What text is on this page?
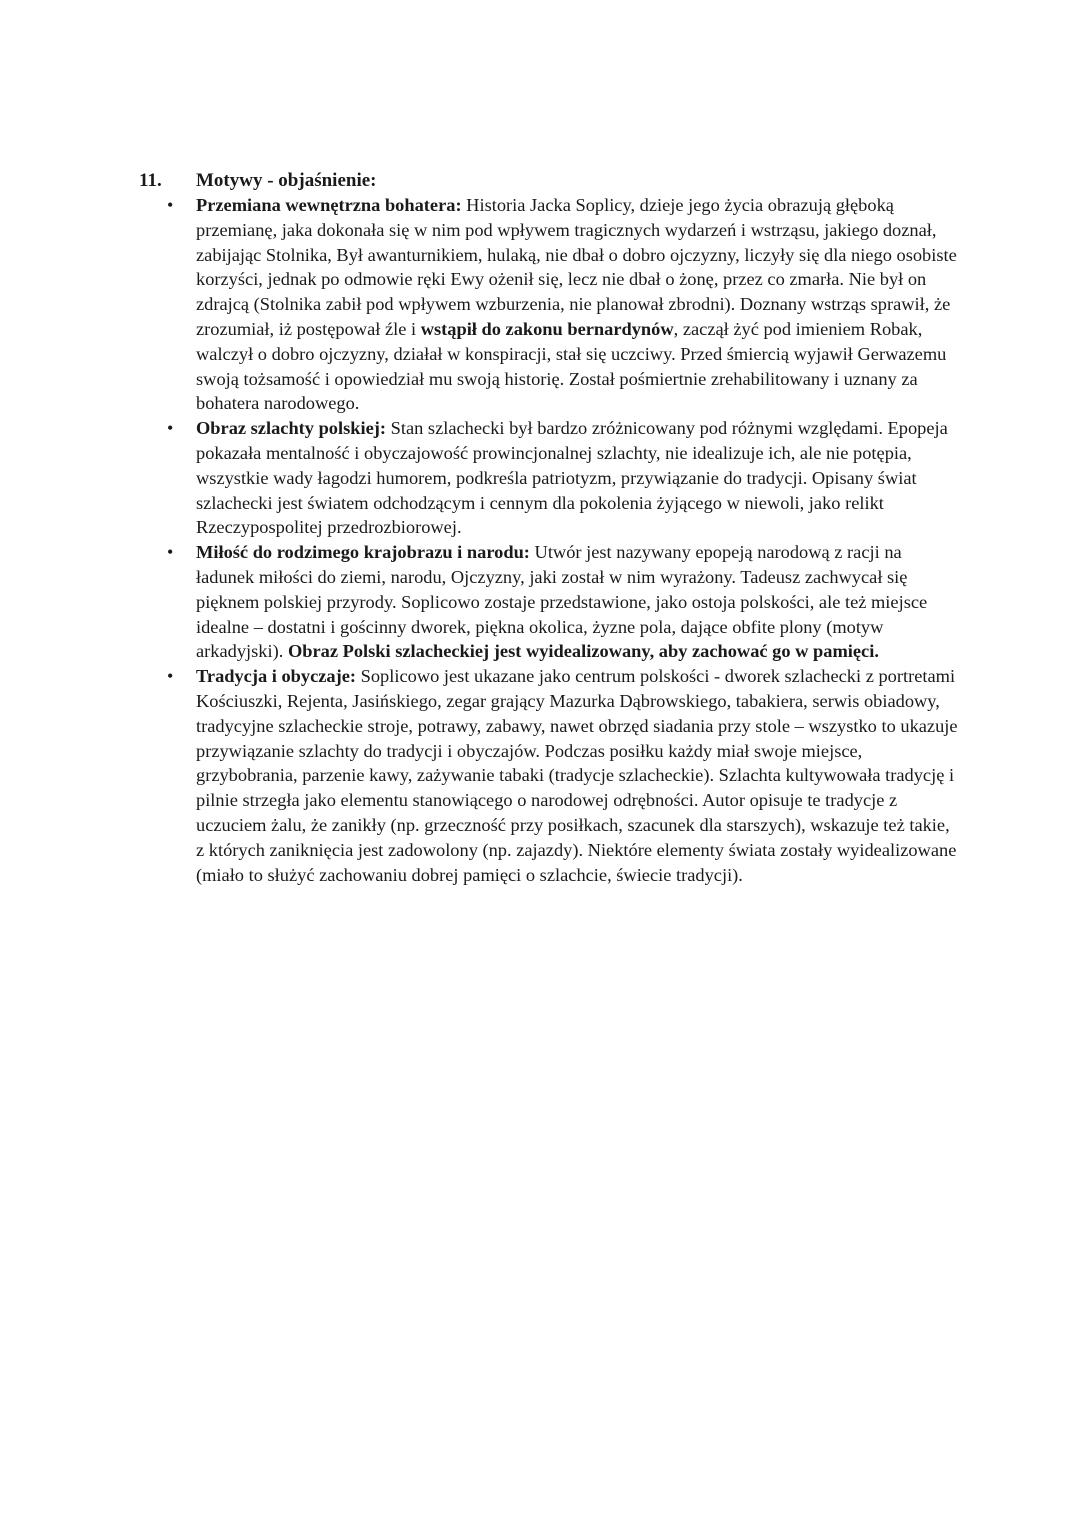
11. Motywy - objaśnienie:
• Przemiana wewnętrzna bohatera: Historia Jacka Soplicy, dzieje jego życia obrazują głęboką przemianę, jaka dokonała się w nim pod wpływem tragicznych wydarzeń i wstrząsu, jakiego doznał, zabijając Stolnika, Był awanturnikiem, hulaką, nie dbał o dobro ojczyzny, liczyły się dla niego osobiste korzyści, jednak po odmowie ręki Ewy ożenił się, lecz nie dbał o żonę, przez co zmarła. Nie był on zdrajcą (Stolnika zabił pod wpływem wzburzenia, nie planował zbrodni). Doznany wstrząs sprawił, że zrozumiał, iż postępował źle i wstąpił do zakonu bernardynów, zaczął żyć pod imieniem Robak, walczył o dobro ojczyzny, działał w konspiracji, stał się uczciwy. Przed śmiercią wyjawił Gerwazemu swoją tożsamość i opowiedział mu swoją historię. Został pośmiertnie zrehabilitowany i uznany za bohatera narodowego.
• Obraz szlachty polskiej: Stan szlachecki był bardzo zróżnicowany pod różnymi względami. Epopeja pokazała mentalność i obyczajowość prowincjonalnej szlachty, nie idealizuje ich, ale nie potępia, wszystkie wady łagodzi humorem, podkreśla patriotyzm, przywiązanie do tradycji. Opisany świat szlachecki jest światem odchodzącym i cennym dla pokolenia żyjącego w niewoli, jako relikt Rzeczypospolitej przedrozbiorowej.
• Miłość do rodzimego krajobrazu i narodu: Utwór jest nazywany epopeją narodową z racji na ładunek miłości do ziemi, narodu, Ojczyzny, jaki został w nim wyrażony. Tadeusz zachwycał się pięknem polskiej przyrody. Soplicowo zostaje przedstawione, jako ostoja polskości, ale też miejsce idealne – dostatni i gościnny dworek, piękna okolica, żyzne pola, dające obfite plony (motyw arkadyjski). Obraz Polski szlacheckiej jest wyidealizowany, aby zachować go w pamięci.
• Tradycja i obyczaje: Soplicowo jest ukazane jako centrum polskości - dworek szlachecki z portretami Kościuszki, Rejenta, Jasińskiego, zegar grający Mazurka Dąbrowskiego, tabakiera, serwis obiadowy, tradycyjne szlacheckie stroje, potrawy, zabawy, nawet obrzęd siadania przy stole – wszystko to ukazuje przywiązanie szlachty do tradycji i obyczajów. Podczas posiłku każdy miał swoje miejsce, grzybobrania, parzenie kawy, zażywanie tabaki (tradycje szlacheckie). Szlachta kultywowała tradycję i pilnie strzegła jako elementu stanowiącego o narodowej odrębności. Autor opisuje te tradycje z uczuciem żalu, że zanikły (np. grzeczność przy posiłkach, szacunek dla starszych), wskazuje też takie, z których zaniknięcia jest zadowolony (np. zajazdy). Niektóre elementy świata zostały wyidealizowane (miało to służyć zachowaniu dobrej pamięci o szlachcie, świecie tradycji).
